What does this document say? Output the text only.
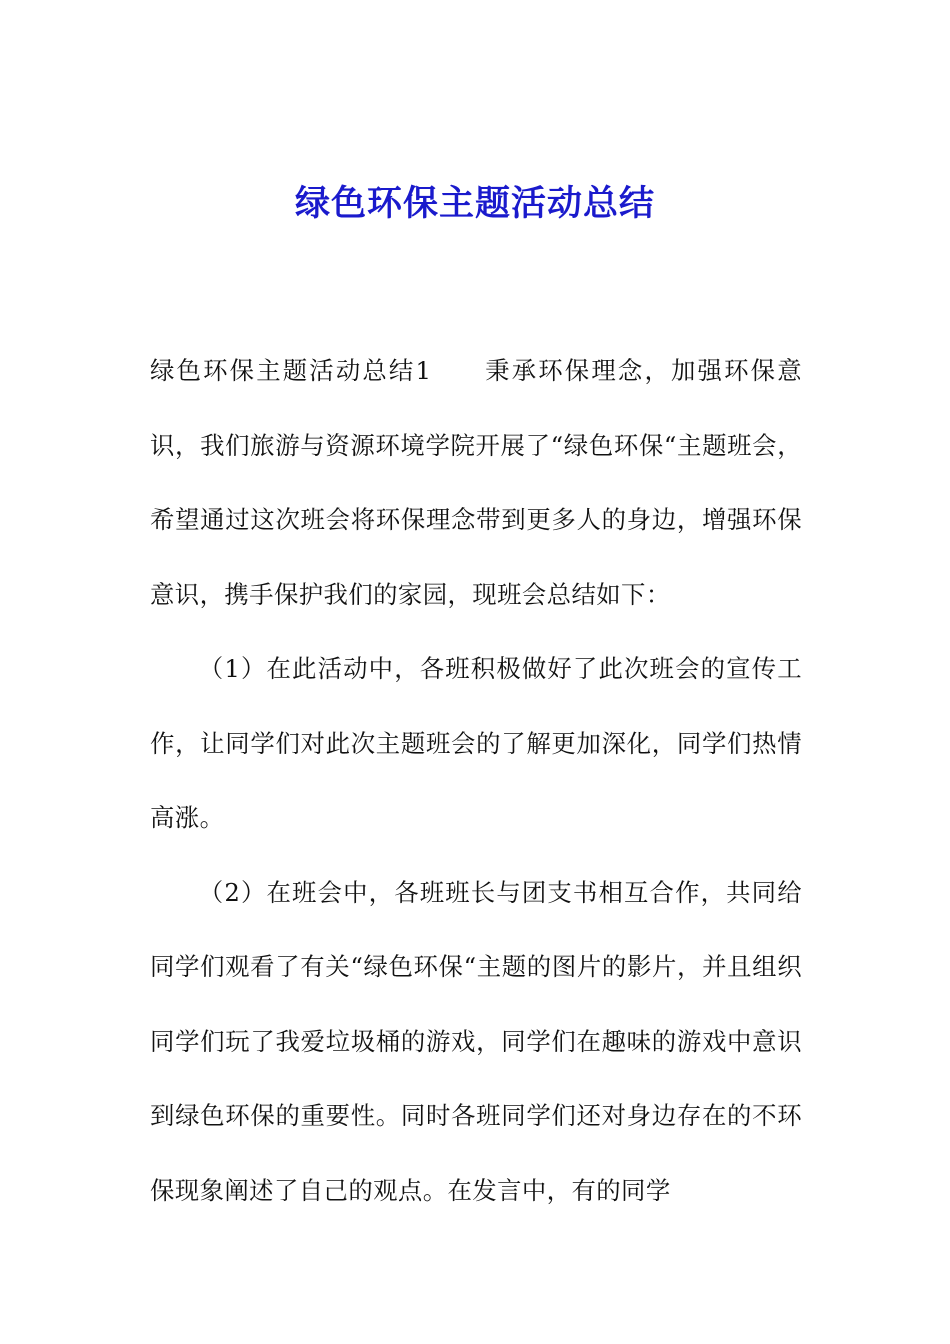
绿色环保主题活动总结

绿色环保主题活动总结1 秉承环保理念，加强环保意识，我们旅游与资源环境学院开展了“绿色环保“主题班会，希望通过这次班会将环保理念带到更多人的身边，增强环保意识，携手保护我们的家园，现班会总结如下：

（1）在此活动中，各班积极做好了此次班会的宣传工作，让同学们对此次主题班会的了解更加深化，同学们热情高涨。

（2）在班会中，各班班长与团支书相互合作，共同给同学们观看了有关“绿色环保“主题的图片的影片，并且组织同学们玩了我爱垃圾桶的游戏，同学们在趣味的游戏中意识到绿色环保的重要性。同时各班同学们还对身边存在的不环保现象阐述了自己的观点。在发言中，有的同学
